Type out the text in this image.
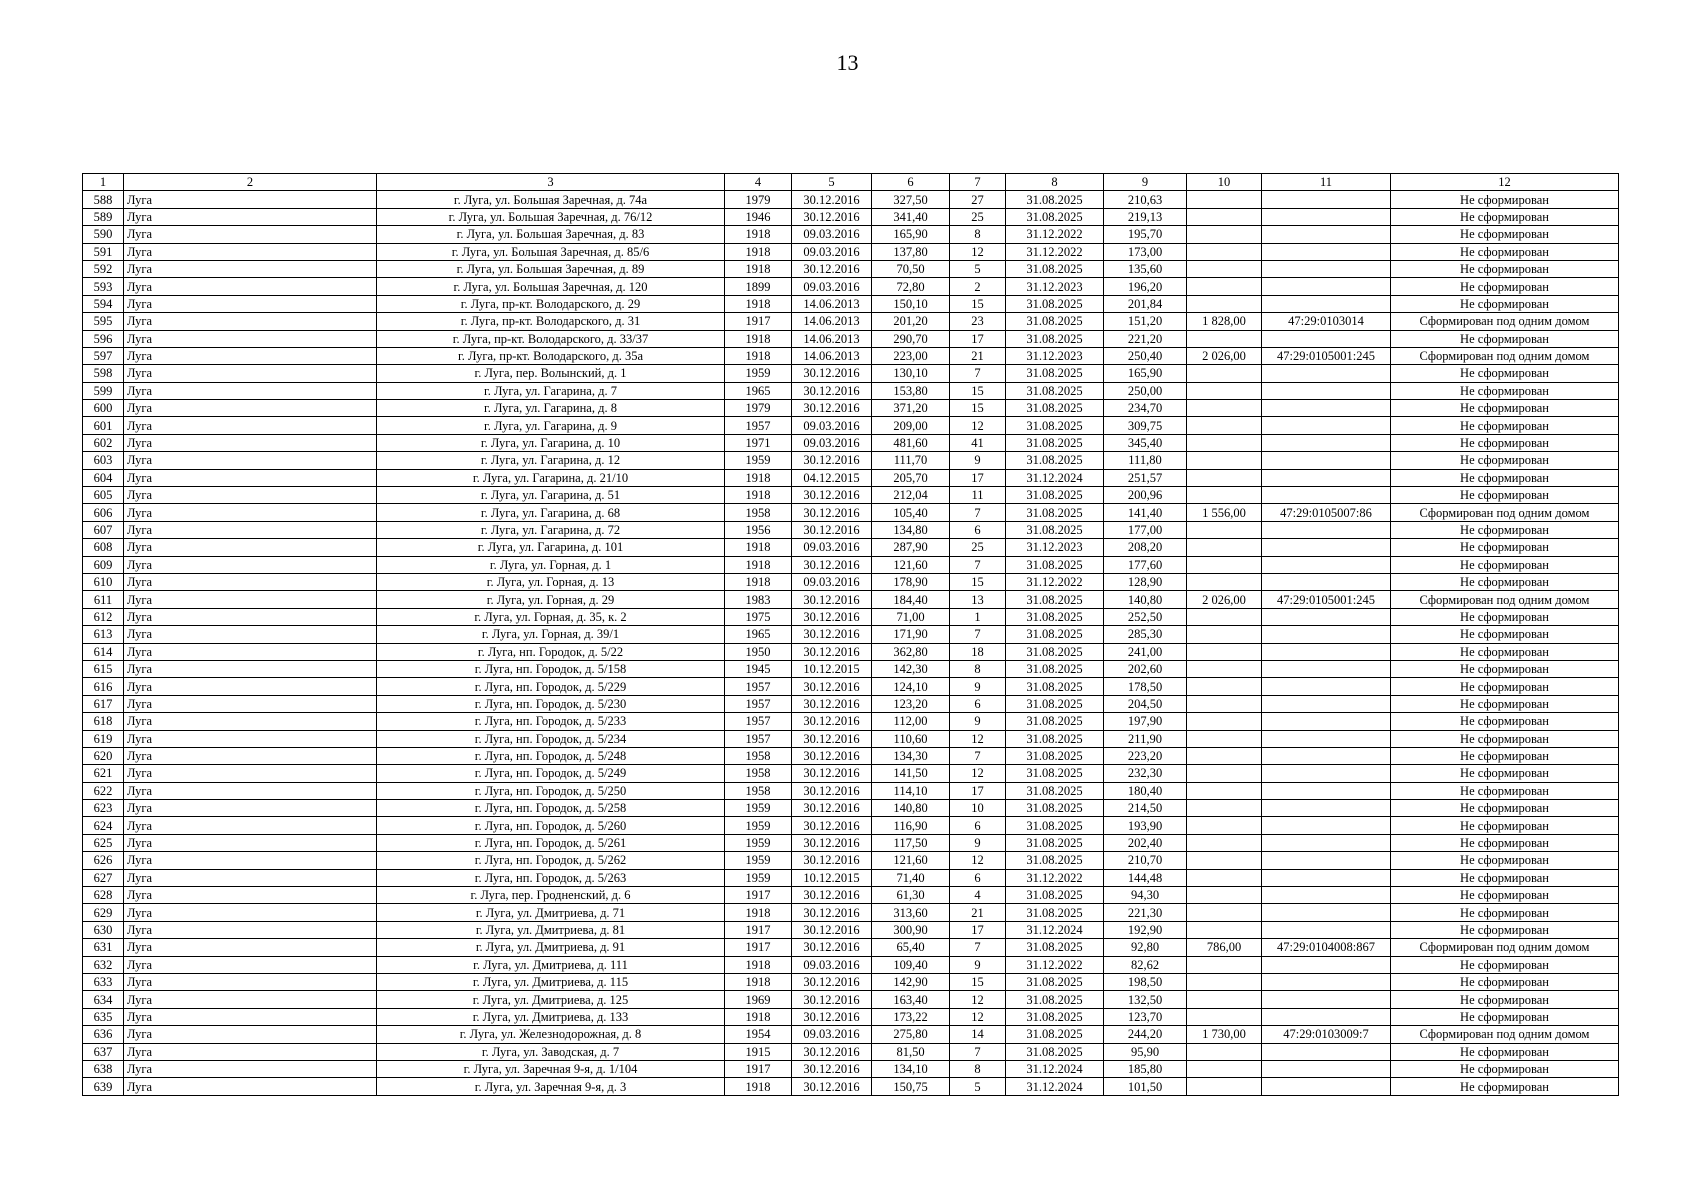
13
1	2	3	4	5	6	7	8	9	10	11	12
588	Луга	г. Луга, ул. Большая Заречная, д. 74а	1979	30.12.2016	327,50	27	31.08.2025	210,63			Не сформирован
589	Луга	г. Луга, ул. Большая Заречная, д. 76/12	1946	30.12.2016	341,40	25	31.08.2025	219,13			Не сформирован
590	Луга	г. Луга, ул. Большая Заречная, д. 83	1918	09.03.2016	165,90	8	31.12.2022	195,70			Не сформирован
591	Луга	г. Луга, ул. Большая Заречная, д. 85/6	1918	09.03.2016	137,80	12	31.12.2022	173,00			Не сформирован
592	Луга	г. Луга, ул. Большая Заречная, д. 89	1918	30.12.2016	70,50	5	31.08.2025	135,60			Не сформирован
593	Луга	г. Луга, ул. Большая Заречная, д. 120	1899	09.03.2016	72,80	2	31.12.2023	196,20			Не сформирован
594	Луга	г. Луга, пр-кт. Володарского, д. 29	1918	14.06.2013	150,10	15	31.08.2025	201,84			Не сформирован
595	Луга	г. Луга, пр-кт. Володарского, д. 31	1917	14.06.2013	201,20	23	31.08.2025	151,20	1 828,00	47:29:0103014	Сформирован под одним домом
596	Луга	г. Луга, пр-кт. Володарского, д. 33/37	1918	14.06.2013	290,70	17	31.08.2025	221,20			Не сформирован
597	Луга	г. Луга, пр-кт. Володарского, д. 35а	1918	14.06.2013	223,00	21	31.12.2023	250,40	2 026,00	47:29:0105001:245	Сформирован под одним домом
598	Луга	г. Луга, пер. Волынский, д. 1	1959	30.12.2016	130,10	7	31.08.2025	165,90			Не сформирован
599	Луга	г. Луга, ул. Гагарина, д. 7	1965	30.12.2016	153,80	15	31.08.2025	250,00			Не сформирован
600	Луга	г. Луга, ул. Гагарина, д. 8	1979	30.12.2016	371,20	15	31.08.2025	234,70			Не сформирован
601	Луга	г. Луга, ул. Гагарина, д. 9	1957	09.03.2016	209,00	12	31.08.2025	309,75			Не сформирован
602	Луга	г. Луга, ул. Гагарина, д. 10	1971	09.03.2016	481,60	41	31.08.2025	345,40			Не сформирован
603	Луга	г. Луга, ул. Гагарина, д. 12	1959	30.12.2016	111,70	9	31.08.2025	111,80			Не сформирован
604	Луга	г. Луга, ул. Гагарина, д. 21/10	1918	04.12.2015	205,70	17	31.12.2024	251,57			Не сформирован
605	Луга	г. Луга, ул. Гагарина, д. 51	1918	30.12.2016	212,04	11	31.08.2025	200,96			Не сформирован
606	Луга	г. Луга, ул. Гагарина, д. 68	1958	30.12.2016	105,40	7	31.08.2025	141,40	1 556,00	47:29:0105007:86	Сформирован под одним домом
607	Луга	г. Луга, ул. Гагарина, д. 72	1956	30.12.2016	134,80	6	31.08.2025	177,00			Не сформирован
608	Луга	г. Луга, ул. Гагарина, д. 101	1918	09.03.2016	287,90	25	31.12.2023	208,20			Не сформирован
609	Луга	г. Луга, ул. Горная, д. 1	1918	30.12.2016	121,60	7	31.08.2025	177,60			Не сформирован
610	Луга	г. Луга, ул. Горная, д. 13	1918	09.03.2016	178,90	15	31.12.2022	128,90			Не сформирован
611	Луга	г. Луга, ул. Горная, д. 29	1983	30.12.2016	184,40	13	31.08.2025	140,80	2 026,00	47:29:0105001:245	Сформирован под одним домом
612	Луга	г. Луга, ул. Горная, д. 35, к. 2	1975	30.12.2016	71,00	1	31.08.2025	252,50			Не сформирован
613	Луга	г. Луга, ул. Горная, д. 39/1	1965	30.12.2016	171,90	7	31.08.2025	285,30			Не сформирован
614	Луга	г. Луга, нп. Городок, д. 5/22	1950	30.12.2016	362,80	18	31.08.2025	241,00			Не сформирован
615	Луга	г. Луга, нп. Городок, д. 5/158	1945	10.12.2015	142,30	8	31.08.2025	202,60			Не сформирован
616	Луга	г. Луга, нп. Городок, д. 5/229	1957	30.12.2016	124,10	9	31.08.2025	178,50			Не сформирован
617	Луга	г. Луга, нп. Городок, д. 5/230	1957	30.12.2016	123,20	6	31.08.2025	204,50			Не сформирован
618	Луга	г. Луга, нп. Городок, д. 5/233	1957	30.12.2016	112,00	9	31.08.2025	197,90			Не сформирован
619	Луга	г. Луга, нп. Городок, д. 5/234	1957	30.12.2016	110,60	12	31.08.2025	211,90			Не сформирован
620	Луга	г. Луга, нп. Городок, д. 5/248	1958	30.12.2016	134,30	7	31.08.2025	223,20			Не сформирован
621	Луга	г. Луга, нп. Городок, д. 5/249	1958	30.12.2016	141,50	12	31.08.2025	232,30			Не сформирован
622	Луга	г. Луга, нп. Городок, д. 5/250	1958	30.12.2016	114,10	17	31.08.2025	180,40			Не сформирован
623	Луга	г. Луга, нп. Городок, д. 5/258	1959	30.12.2016	140,80	10	31.08.2025	214,50			Не сформирован
624	Луга	г. Луга, нп. Городок, д. 5/260	1959	30.12.2016	116,90	6	31.08.2025	193,90			Не сформирован
625	Луга	г. Луга, нп. Городок, д. 5/261	1959	30.12.2016	117,50	9	31.08.2025	202,40			Не сформирован
626	Луга	г. Луга, нп. Городок, д. 5/262	1959	30.12.2016	121,60	12	31.08.2025	210,70			Не сформирован
627	Луга	г. Луга, нп. Городок, д. 5/263	1959	10.12.2015	71,40	6	31.12.2022	144,48			Не сформирован
628	Луга	г. Луга, пер. Гродненский, д. 6	1917	30.12.2016	61,30	4	31.08.2025	94,30			Не сформирован
629	Луга	г. Луга, ул. Дмитриева, д. 71	1918	30.12.2016	313,60	21	31.08.2025	221,30			Не сформирован
630	Луга	г. Луга, ул. Дмитриева, д. 81	1917	30.12.2016	300,90	17	31.12.2024	192,90			Не сформирован
631	Луга	г. Луга, ул. Дмитриева, д. 91	1917	30.12.2016	65,40	7	31.08.2025	92,80	786,00	47:29:0104008:867	Сформирован под одним домом
632	Луга	г. Луга, ул. Дмитриева, д. 111	1918	09.03.2016	109,40	9	31.12.2022	82,62			Не сформирован
633	Луга	г. Луга, ул. Дмитриева, д. 115	1918	30.12.2016	142,90	15	31.08.2025	198,50			Не сформирован
634	Луга	г. Луга, ул. Дмитриева, д. 125	1969	30.12.2016	163,40	12	31.08.2025	132,50			Не сформирован
635	Луга	г. Луга, ул. Дмитриева, д. 133	1918	30.12.2016	173,22	12	31.08.2025	123,70			Не сформирован
636	Луга	г. Луга, ул. Железнодорожная, д. 8	1954	09.03.2016	275,80	14	31.08.2025	244,20	1 730,00	47:29:0103009:7	Сформирован под одним домом
637	Луга	г. Луга, ул. Заводская, д. 7	1915	30.12.2016	81,50	7	31.08.2025	95,90			Не сформирован
638	Луга	г. Луга, ул. Заречная 9-я, д. 1/104	1917	30.12.2016	134,10	8	31.12.2024	185,80			Не сформирован
639	Луга	г. Луга, ул. Заречная 9-я, д. 3	1918	30.12.2016	150,75	5	31.12.2024	101,50			Не сформирован
